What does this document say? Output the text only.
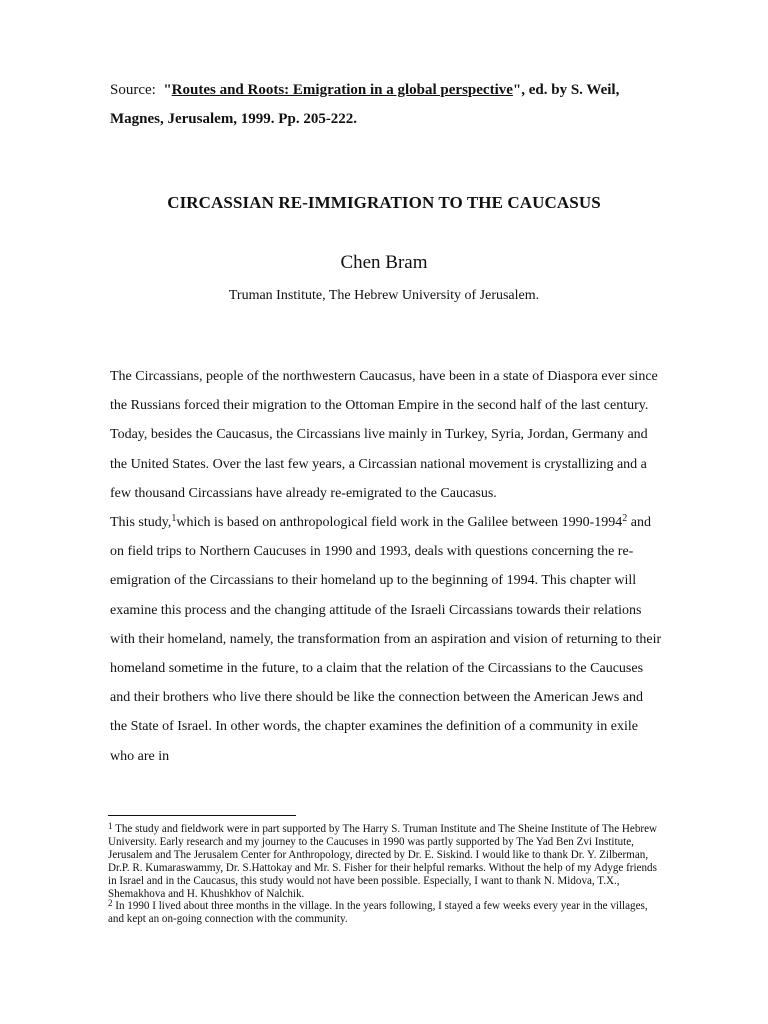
Source: "Routes and Roots: Emigration in a global perspective", ed. by S. Weil, Magnes, Jerusalem, 1999. Pp. 205-222.
CIRCASSIAN RE-IMMIGRATION TO THE CAUCASUS
Chen Bram
Truman Institute, The Hebrew University of Jerusalem.

The Circassians, people of the northwestern Caucasus, have been in a state of Diaspora ever since the Russians forced their migration to the Ottoman Empire in the second half of the last century. Today, besides the Caucasus, the Circassians live mainly in Turkey, Syria, Jordan, Germany and the United States. Over the last few years, a Circassian national movement is crystallizing and a few thousand Circassians have already re-emigrated to the Caucasus.

This study,$^1$which is based on anthropological field work in the Galilee between 1990-1994$^2$ and on field trips to Northern Caucuses in 1990 and 1993, deals with questions concerning the re-emigration of the Circassians to their homeland up to the beginning of 1994. This chapter will examine this process and the changing attitude of the Israeli Circassians towards their relations with their homeland, namely, the transformation from an aspiration and vision of returning to their homeland sometime in the future, to a claim that the relation of the Circassians to the Caucuses and their brothers who live there should be like the connection between the American Jews and the State of Israel. In other words, the chapter examines the definition of a community in exile who are in

$^1$ The study and fieldwork were in part supported by The Harry S. Truman Institute and The Sheine Institute of The Hebrew University. Early research and my journey to the Caucuses in 1990 was partly supported by The Yad Ben Zvi Institute, Jerusalem and The Jerusalem Center for Anthropology, directed by Dr. E. Siskind. I would like to thank Dr. Y. Zilberman, Dr.P. R. Kumaraswammy, Dr. S.Hattokay and Mr. S. Fisher for their helpful remarks. Without the help of my Adyge friends in Israel and in the Caucasus, this study would not have been possible. Especially, I want to thank N. Midova, T.X., Shemakhova and H. Khushkhov of Nalchik.

$^2$ In 1990 I lived about three months in the village. In the years following, I stayed a few weeks every year in the villages, and kept an on-going connection with the community.
